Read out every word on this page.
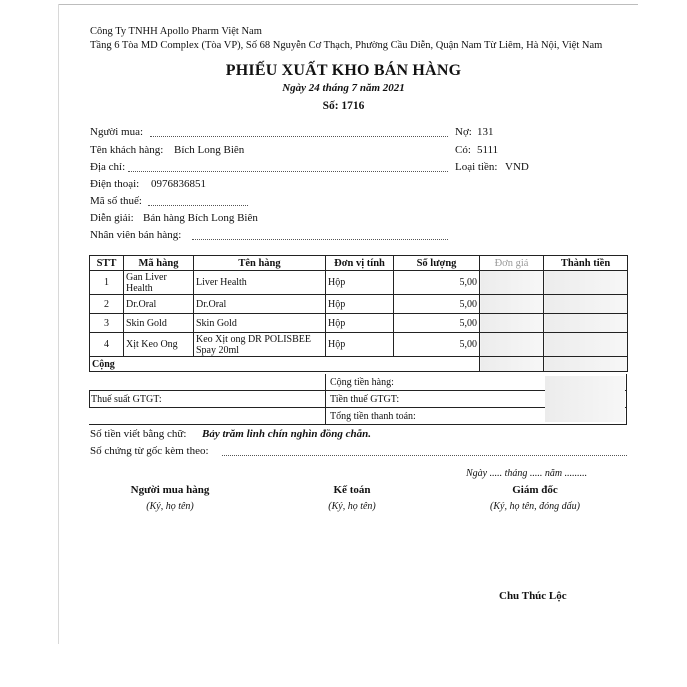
Công Ty TNHH Apollo Pharm Việt Nam
Tầng 6 Tòa MD Complex (Tòa VP), Số 68 Nguyễn Cơ Thạch, Phường Cầu Diễn, Quận Nam Từ Liêm, Hà Nội, Việt Nam
PHIẾU XUẤT KHO BÁN HÀNG
Ngày 24 tháng 7 năm 2021
Số: 1716
Người mua:
Tên khách hàng: Bích Long Biên
Địa chỉ:
Điện thoại: 0976836851
Mã số thuế:
Diễn giải: Bán hàng Bích Long Biên
Nhân viên bán hàng:
Nợ: 131
Có: 5111
Loại tiền: VND
STT	Mã hàng	Tên hàng	Đơn vị tính	Số lượng	Đơn giá	Thành tiền
1	Gan Liver Health	Liver Health	Hộp	5,00		
2	Dr.Oral	Dr.Oral	Hộp	5,00		
3	Skin Gold	Skin Gold	Hộp	5,00		
4	Xịt Keo Ong	Keo Xịt ong DR POLISBEE Spay 20ml	Hộp	5,00		
Cộng						
Cộng tiền hàng:
Thuế suất GTGT:	Tiền thuế GTGT:
Tổng tiền thanh toán:
Số tiền viết bằng chữ: Bảy trăm linh chín nghìn đồng chẵn.
Số chứng từ gốc kèm theo:
Ngày ..... tháng ..... năm .........
Người mua hàng
(Ký, họ tên)
Kế toán
(Ký, họ tên)
Giám đốc
(Ký, họ tên, đóng dấu)
Chu Thúc Lộc
